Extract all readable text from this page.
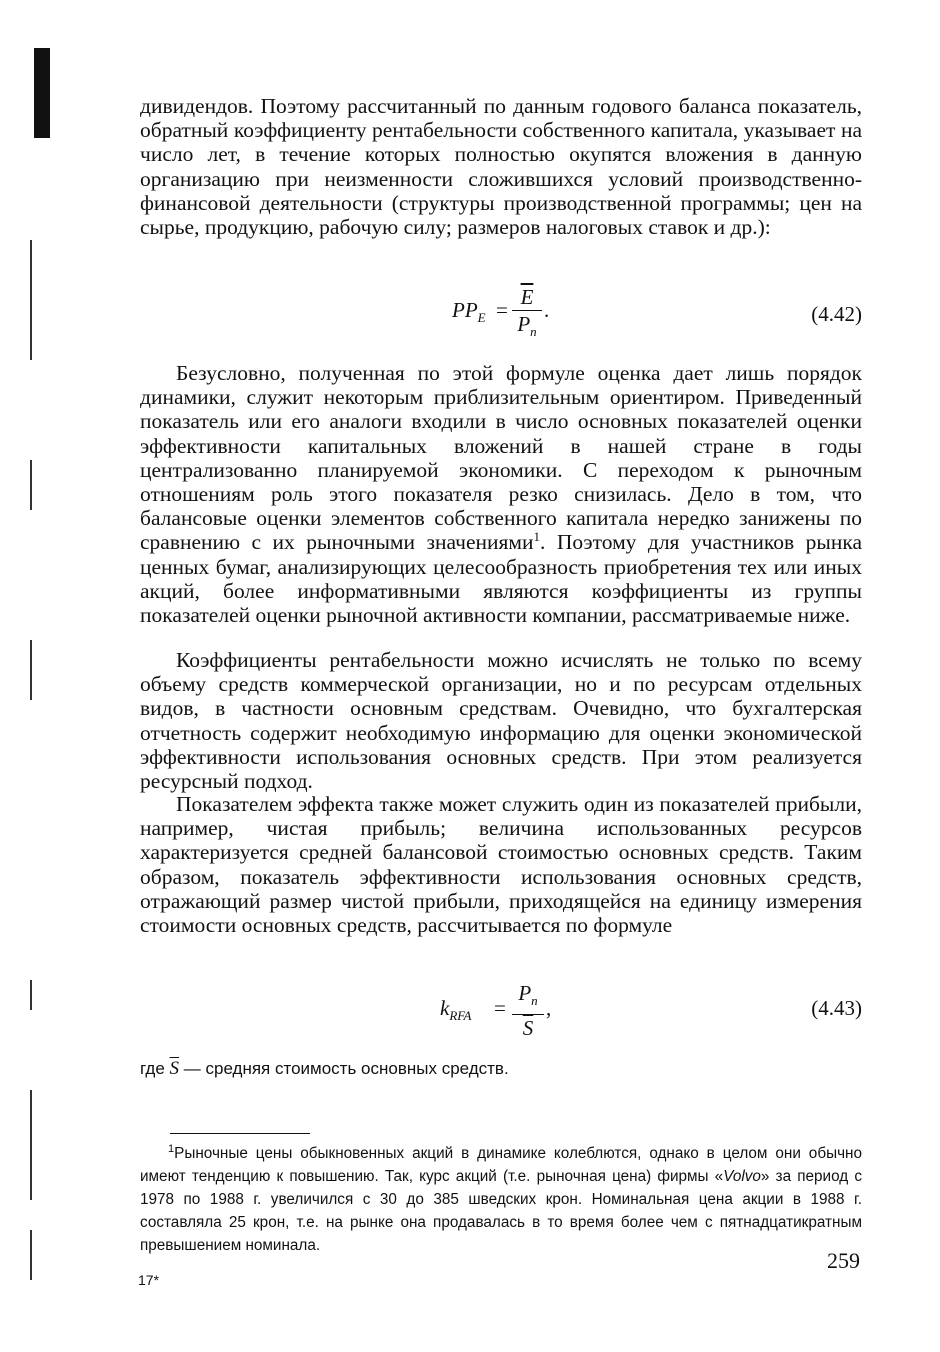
дивидендов. Поэтому рассчитанный по данным годового баланса показатель, обратный коэффициенту рентабельности собственного капитала, указывает на число лет, в течение которых полностью окупятся вложения в данную организацию при неизменности сложившихся условий производственно-финансовой деятельности (структуры производственной программы; цен на сырье, продукцию, рабочую силу; размеров налоговых ставок и др.):

$PP_E = \frac{\overline{E}}{P_n}$ .	(4.42)

Безусловно, полученная по этой формуле оценка дает лишь порядок динамики, служит некоторым приблизительным ориентиром. Приведенный показатель или его аналоги входили в число основных показателей оценки эффективности капитальных вложений в нашей стране в годы централизованно планируемой экономики. С переходом к рыночным отношениям роль этого показателя резко снизилась. Дело в том, что балансовые оценки элементов собственного капитала нередко занижены по сравнению с их рыночными значениями$^1$. Поэтому для участников рынка ценных бумаг, анализирующих целесообразность приобретения тех или иных акций, более информативными являются коэффициенты из группы показателей оценки рыночной активности компании, рассматриваемые ниже.

Коэффициенты рентабельности можно исчислять не только по всему объему средств коммерческой организации, но и по ресурсам отдельных видов, в частности основным средствам. Очевидно, что бухгалтерская отчетность содержит необходимую информацию для оценки экономической эффективности использования основных средств. При этом реализуется ресурсный подход.

Показателем эффекта также может служить один из показателей прибыли, например, чистая прибыль; величина использованных ресурсов характеризуется средней балансовой стоимостью основных средств. Таким образом, показатель эффективности использования основных средств, отражающий размер чистой прибыли, приходящейся на единицу измерения стоимости основных средств, рассчитывается по формуле

$k_{RFA} = \frac{P_n}{S}$ ,	(4.43)
где $\overline{S}$ — средняя стоимость основных средств.
$^1$Рыночные цены обыкновенных акций в динамике колеблются, однако в целом они обычно имеют тенденцию к повышению. Так, курс акций (т.е. рыночная цена) фирмы «Volvo» за период с 1978 по 1988 г. увеличился с 30 до 385 шведских крон. Номинальная цена акции в 1988 г. составляла 25 крон, т.е. на рынке она продавалась в то время более чем с пятнадцатикратным превышением номинала.
259
17*
